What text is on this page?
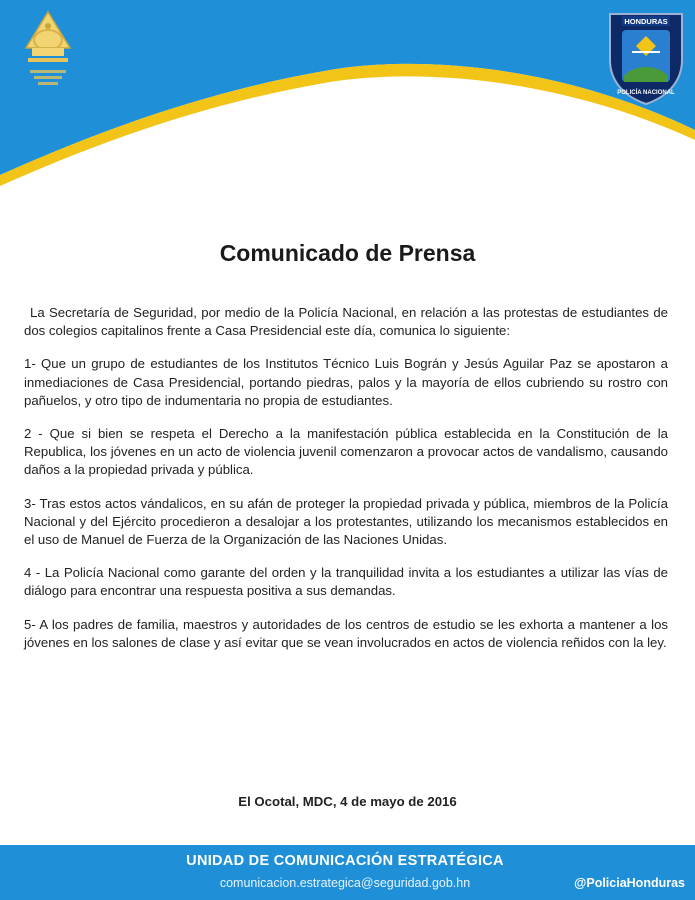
HONDURAS
POLICÍA NACIONAL
Comunicado de Prensa

La Secretaría de Seguridad, por medio de la Policía Nacional, en relación a las protestas de estudiantes de dos colegios capitalinos frente a Casa Presidencial este día, comunica lo siguiente:

1- Que un grupo de estudiantes de los Institutos Técnico Luis Bográn y Jesús Aguilar Paz se apostaron a inmediaciones de Casa Presidencial, portando piedras, palos y la mayoría de ellos cubriendo su rostro con pañuelos, y otro tipo de indumentaria no propia de estudiantes.

2 - Que si bien se respeta el Derecho a la manifestación pública establecida en la Constitución de la Republica, los jóvenes en un acto de violencia juvenil comenzaron a provocar actos de vandalismo, causando daños a la propiedad privada y pública.

3- Tras estos actos vándalicos, en su afán de proteger la propiedad privada y pública, miembros de la Policía Nacional y del Ejército procedieron a desalojar a los protestantes, utilizando los mecanismos establecidos en el uso de Manuel de Fuerza de la Organización de las Naciones Unidas.

4 - La Policía Nacional como garante del orden y la tranquilidad invita a los estudiantes a utilizar las vías de diálogo para encontrar una respuesta positiva a sus demandas.

5- A los padres de familia, maestros y autoridades de los centros de estudio se les exhorta a mantener a los jóvenes en los salones de clase y así evitar que se vean involucrados en actos de violencia reñidos con la ley.

El Ocotal, MDC, 4 de mayo de 2016
UNIDAD DE COMUNICACIÓN ESTRATÉGICA
comunicacion.estrategica@seguridad.gob.hn	@PoliciaHonduras
